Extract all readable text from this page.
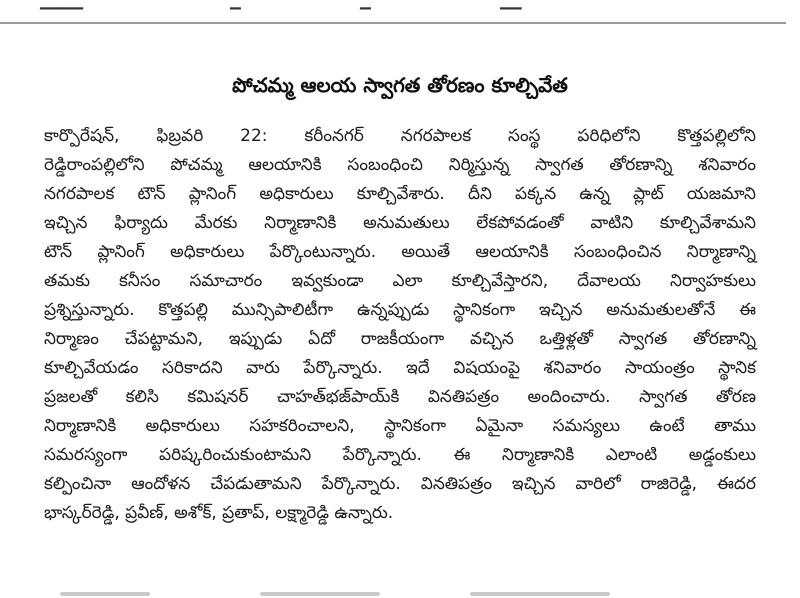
▁▁▁▁	▁	▁	▁▁
పోచమ్మ ఆలయ స్వాగత తోరణం కూల్చివేత
కార్పొరేషన్, ఫిబ్రవరి 22: కరీంనగర్ నగరపాలక సంస్థ పరిధిలోని కొత్తపల్లిలోని
రెడ్డిరాంపల్లిలోని పోచమ్మ ఆలయానికి సంబంధించి నిర్మిస్తున్న స్వాగత తోరణాన్ని శనివారం
నగరపాలక టౌన్ ప్లానింగ్ అధికారులు కూల్చివేశారు. దీని పక్కన ఉన్న ప్లాట్ యజమాని
ఇచ్చిన ఫిర్యాదు మేరకు నిర్మాణానికి అనుమతులు లేకపోవడంతో వాటిని కూల్చివేశామని
టౌన్ ప్లానింగ్ అధికారులు పేర్కొంటున్నారు. అయితే ఆలయానికి సంబంధించిన నిర్మాణాన్ని
తమకు కనీసం సమాచారం ఇవ్వకుండా ఎలా కూల్చివేస్తారని, దేవాలయ నిర్వాహకులు
ప్రశ్నిస్తున్నారు. కొత్తపల్లి మున్సిపాలిటీగా ఉన్నప్పుడు స్థానికంగా ఇచ్చిన అనుమతులతోనే ఈ
నిర్మాణం చేపట్టామని, ఇప్పుడు ఏదో రాజకీయంగా వచ్చిన ఒత్తిళ్లతో స్వాగత తోరణాన్ని
కూల్చివేయడం సరికాదని వారు పేర్కొన్నారు. ఇదే విషయంపై శనివారం సాయంత్రం స్థానిక
ప్రజలతో కలిసి కమిషనర్ చాహత్‌భజ్‌పాయ్‌కి వినతిపత్రం అందించారు. స్వాగత తోరణ
నిర్మాణానికి అధికారులు సహకరించాలని, స్థానికంగా ఏమైనా సమస్యలు ఉంటే తాము
సమరస్యంగా పరిష్కరించుకుంటామని పేర్కొన్నారు. ఈ నిర్మాణానికి ఎలాంటి అడ్డంకులు
కల్పించినా ఆందోళన చేపడుతామని పేర్కొన్నారు. వినతిపత్రం ఇచ్చిన వారిలో రాజిరెడ్డి, ఈదర
భాస్కర్‌రెడ్డి, ప్రవీణ్, అశోక్, ప్రతాప్, లక్ష్మారెడ్డి ఉన్నారు.
